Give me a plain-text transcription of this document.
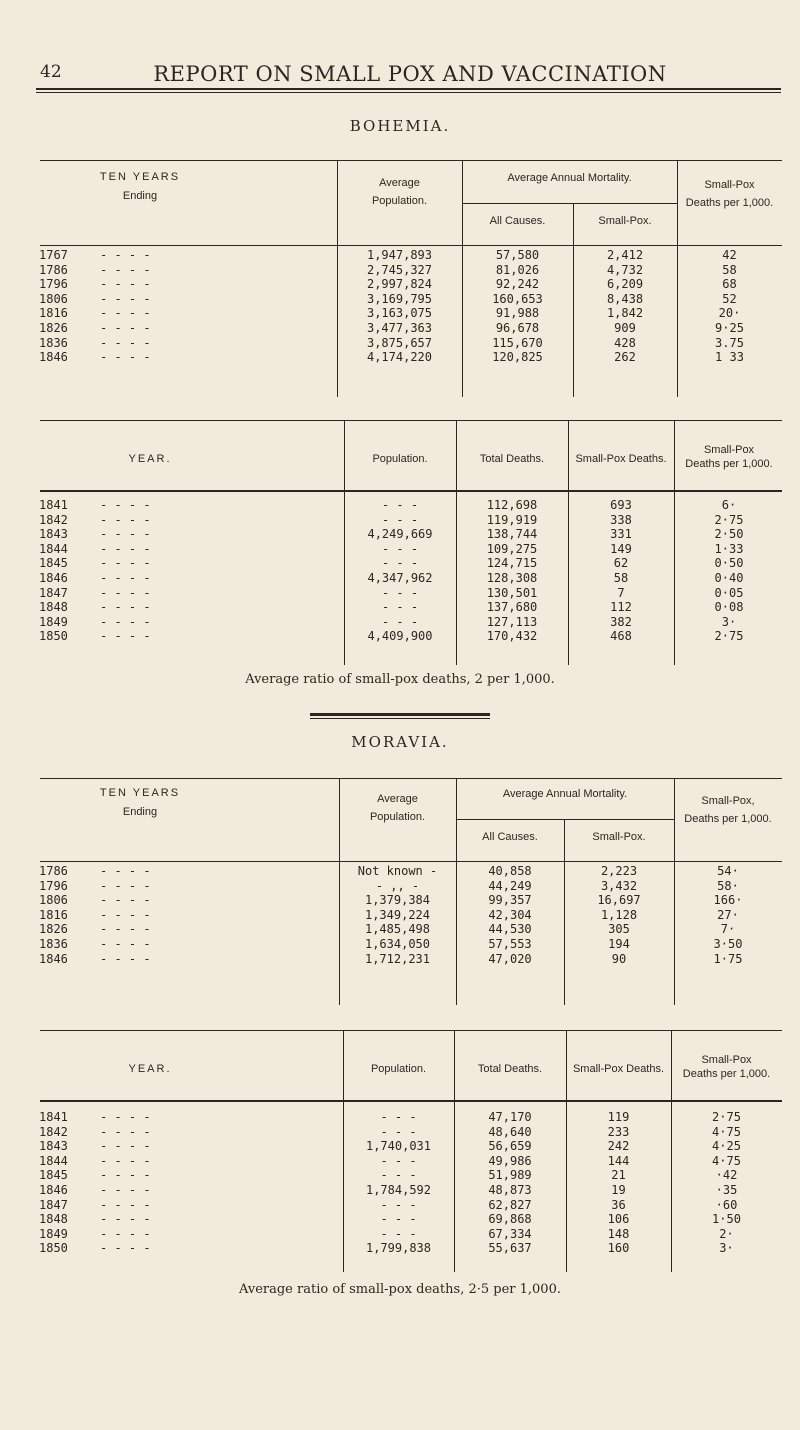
42	REPORT ON SMALL POX AND VACCINATION
BOHEMIA.
TEN YEARS
Ending
Average
Population.
Average Annual Mortality.
All Causes.	Small-Pox.
Small-Pox
Deaths per 1,000.
1767	- - - -	1,947,893	57,580	2,412	42
1786	- - - -	2,745,327	81,026	4,732	58
1796	- - - -	2,997,824	92,242	6,209	68
1806	- - - -	3,169,795	160,653	8,438	52
1816	- - - -	3,163,075	91,988	1,842	20·
1826	- - - -	3,477,363	96,678	909	9·25
1836	- - - -	3,875,657	115,670	428	3.75
1846	- - - -	4,174,220	120,825	262	1 33
YEAR.	Population.	Total Deaths.	Small-Pox Deaths.
Small-Pox
Deaths per 1,000.
1841	- - - -	- - -	112,698	693	6·
1842	- - - -	- - -	119,919	338	2·75
1843	- - - -	4,249,669	138,744	331	2·50
1844	- - - -	- - -	109,275	149	1·33
1845	- - - -	- - -	124,715	62	0·50
1846	- - - -	4,347,962	128,308	58	0·40
1847	- - - -	- - -	130,501	7	0·05
1848	- - - -	- - -	137,680	112	0·08
1849	- - - -	- - -	127,113	382	3·
1850	- - - -	4,409,900	170,432	468	2·75
Average ratio of small-pox deaths, 2 per 1,000.
MORAVIA.
TEN YEARS
Ending
Average
Population.
Average Annual Mortality.
All Causes.	Small-Pox.
Small-Pox,
Deaths per 1,000.
1786	- - - -	Not known -	40,858	2,223	54·
1796	- - - -	- ,, -	44,249	3,432	58·
1806	- - - -	1,379,384	99,357	16,697	166·
1816	- - - -	1,349,224	42,304	1,128	27·
1826	- - - -	1,485,498	44,530	305	7·
1836	- - - -	1,634,050	57,553	194	3·50
1846	- - - -	1,712,231	47,020	90	1·75
YEAR.	Population.	Total Deaths.	Small-Pox Deaths.
Small-Pox
Deaths per 1,000.
1841	- - - -	- - -	47,170	119	2·75
1842	- - - -	- - -	48,640	233	4·75
1843	- - - -	1,740,031	56,659	242	4·25
1844	- - - -	- - -	49,986	144	4·75
1845	- - - -	- - -	51,989	21	·42
1846	- - - -	1,784,592	48,873	19	·35
1847	- - - -	- - -	62,827	36	·60
1848	- - - -	- - -	69,868	106	1·50
1849	- - - -	- - -	67,334	148	2·
1850	- - - -	1,799,838	55,637	160	3·
Average ratio of small-pox deaths, 2·5 per 1,000.
